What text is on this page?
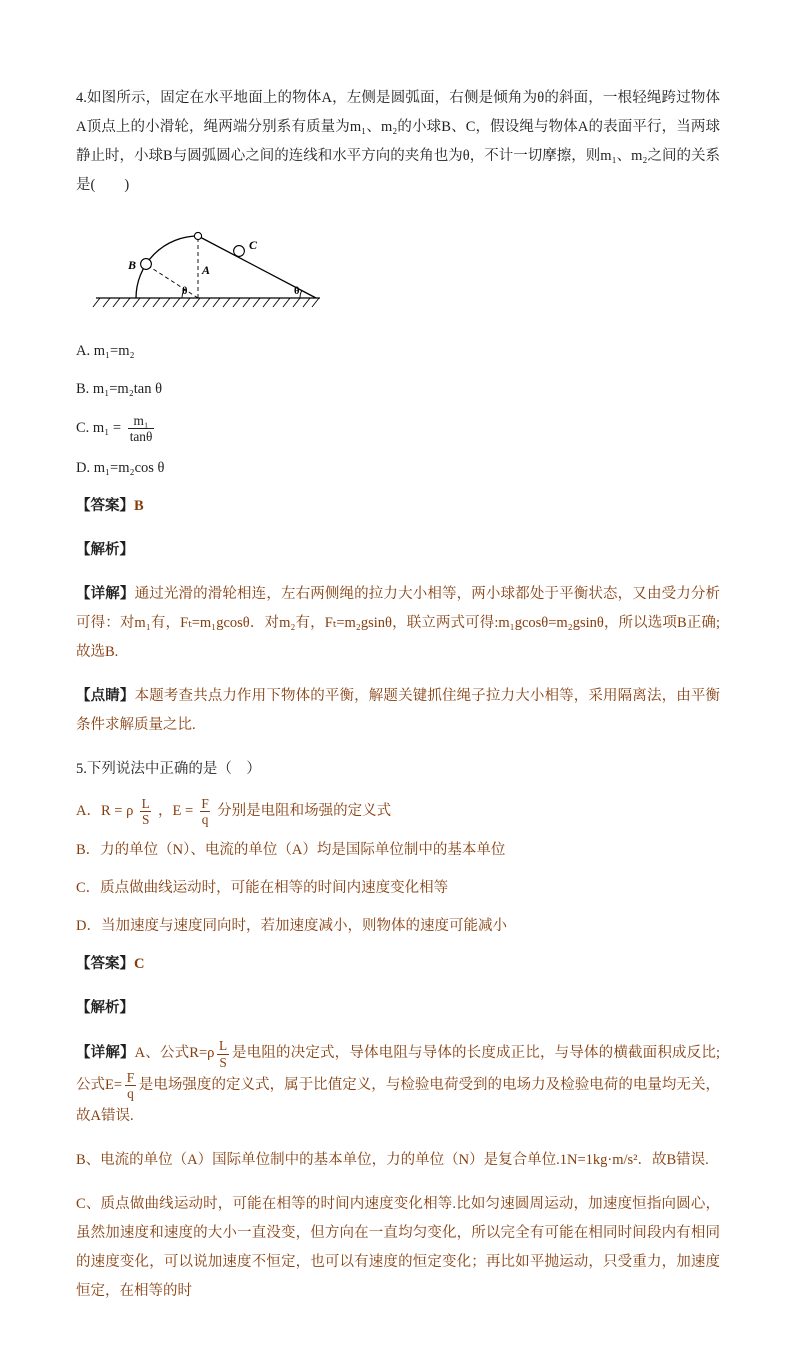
4.如图所示，固定在水平地面上的物体A，左侧是圆弧面，右侧是倾角为θ的斜面，一根轻绳跨过物体A顶点上的小滑轮，绳两端分别系有质量为m₁、m₂的小球B、C，假设绳与物体A的表面平行，当两球静止时，小球B与圆弧圆心之间的连线和水平方向的夹角也为θ，不计一切摩擦，则m₁、m₂之间的关系是(　　)

B
C
A
θ	θ

A. m₁=m₂

B. m₁=m₂tan θ

C. $m_1 = \frac{\text{m₁}}{\tan\theta}$

D. m₁=m₂cos θ

【答案】B

【解析】

【详解】通过光滑的滑轮相连，左右两侧绳的拉力大小相等，两小球都处于平衡状态，又由受力分析可得：对m₁有，Fₜ=m₁gcosθ．对m₂有，Fₜ=m₂gsinθ，联立两式可得:m₁gcosθ=m₂gsinθ，所以选项B正确;故选B.

【点睛】本题考查共点力作用下物体的平衡，解题关键抓住绳子拉力大小相等，采用隔离法，由平衡条件求解质量之比.

5.下列说法中正确的是（　）

A．R = ρ $\frac{L}{S}$ ，$E = \frac{F}{q}$ 分别是电阻和场强的定义式

B．力的单位（N）、电流的单位（A）均是国际单位制中的基本单位

C．质点做曲线运动时，可能在相等的时间内速度变化相等

D．当加速度与速度同向时，若加速度减小，则物体的速度可能减小

【答案】C

【解析】

【详解】A、公式$R=\rho \frac{L}{S}$ 是电阻的决定式，导体电阻与导体的长度成正比，与导体的横截面积成反比;公式$E= \frac{F}{q}$ 是电场强度的定义式，属于比值定义，与检验电荷受到的电场力及检验电荷的电量均无关，故A错误.

B、电流的单位（A）国际单位制中的基本单位，力的单位（N）是复合单位.1N=1kg·m/s²．故B错误.

C、质点做曲线运动时，可能在相等的时间内速度变化相等.比如匀速圆周运动，加速度恒指向圆心，虽然加速度和速度的大小一直没变，但方向在一直均匀变化，所以完全有可能在相同时间段内有相同的速度变化，可以说加速度不恒定，也可以有速度的恒定变化；再比如平抛运动，只受重力，加速度恒定，在相等的时
